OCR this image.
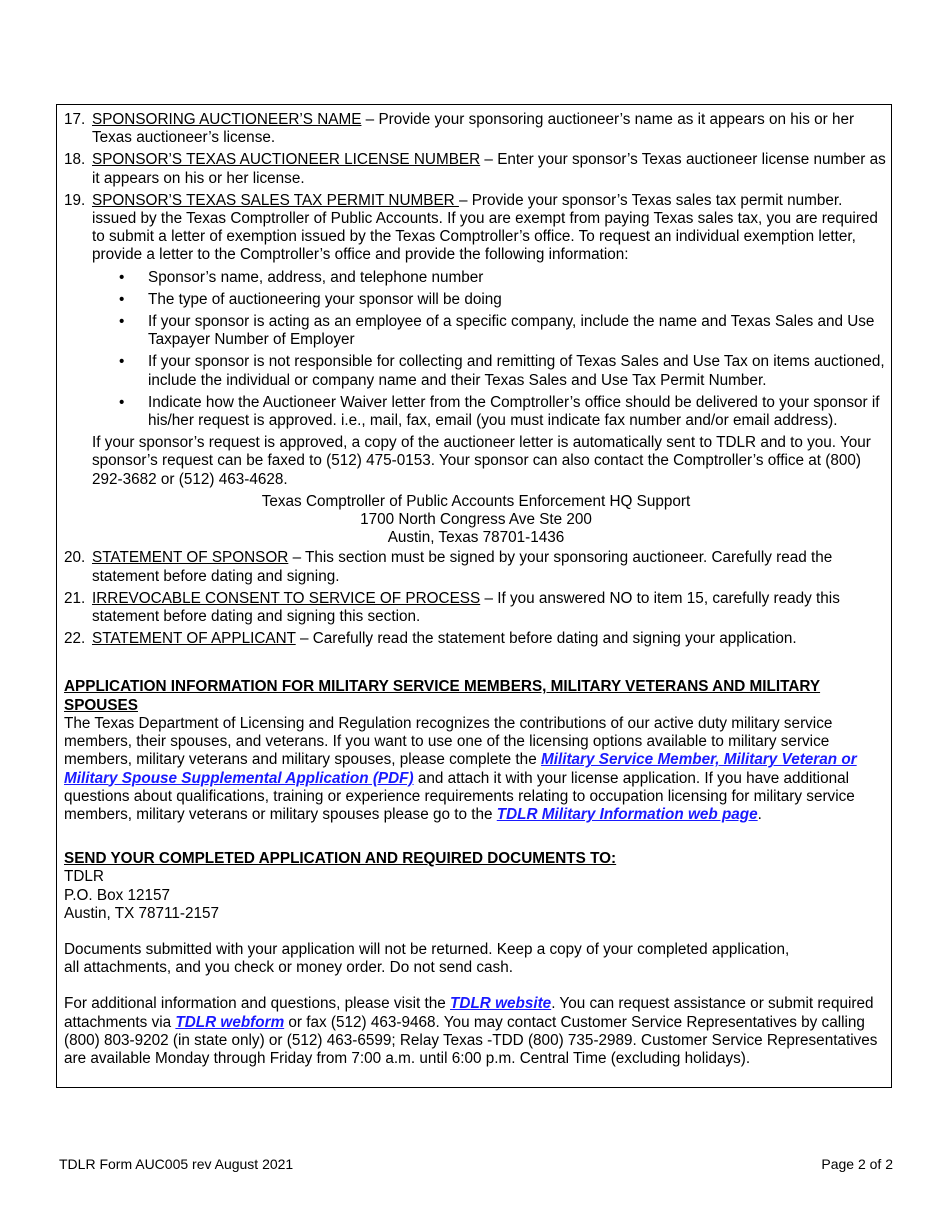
17. SPONSORING AUCTIONEER’S NAME – Provide your sponsoring auctioneer’s name as it appears on his or her Texas auctioneer’s license.
18. SPONSOR’S TEXAS AUCTIONEER LICENSE NUMBER – Enter your sponsor’s Texas auctioneer license number as it appears on his or her license.
19. SPONSOR’S TEXAS SALES TAX PERMIT NUMBER – Provide your sponsor’s Texas sales tax permit number. issued by the Texas Comptroller of Public Accounts. If you are exempt from paying Texas sales tax, you are required to submit a letter of exemption issued by the Texas Comptroller’s office. To request an individual exemption letter, provide a letter to the Comptroller’s office and provide the following information:
• Sponsor’s name, address, and telephone number
• The type of auctioneering your sponsor will be doing
• If your sponsor is acting as an employee of a specific company, include the name and Texas Sales and Use Taxpayer Number of Employer
• If your sponsor is not responsible for collecting and remitting of Texas Sales and Use Tax on items auctioned, include the individual or company name and their Texas Sales and Use Tax Permit Number.
• Indicate how the Auctioneer Waiver letter from the Comptroller’s office should be delivered to your sponsor if his/her request is approved. i.e., mail, fax, email (you must indicate fax number and/or email address).

If your sponsor’s request is approved, a copy of the auctioneer letter is automatically sent to TDLR and to you. Your sponsor’s request can be faxed to (512) 475-0153. Your sponsor can also contact the Comptroller’s office at (800) 292-3682 or (512) 463-4628.

Texas Comptroller of Public Accounts Enforcement HQ Support
1700 North Congress Ave Ste 200
Austin, Texas 78701-1436
20. STATEMENT OF SPONSOR – This section must be signed by your sponsoring auctioneer. Carefully read the statement before dating and signing.
21. IRREVOCABLE CONSENT TO SERVICE OF PROCESS – If you answered NO to item 15, carefully ready this statement before dating and signing this section.
22. STATEMENT OF APPLICANT – Carefully read the statement before dating and signing your application.

APPLICATION INFORMATION FOR MILITARY SERVICE MEMBERS, MILITARY VETERANS AND MILITARY SPOUSES

The Texas Department of Licensing and Regulation recognizes the contributions of our active duty military service members, their spouses, and veterans. If you want to use one of the licensing options available to military service members, military veterans and military spouses, please complete the Military Service Member, Military Veteran or Military Spouse Supplemental Application (PDF) and attach it with your license application. If you have additional questions about qualifications, training or experience requirements relating to occupation licensing for military service members, military veterans or military spouses please go to the TDLR Military Information web page.

SEND YOUR COMPLETED APPLICATION AND REQUIRED DOCUMENTS TO:

TDLR
P.O. Box 12157
Austin, TX 78711-2157

Documents submitted with your application will not be returned. Keep a copy of your completed application,
all attachments, and you check or money order. Do not send cash.

For additional information and questions, please visit the TDLR website. You can request assistance or submit required attachments via TDLR webform or fax (512) 463-9468. You may contact Customer Service Representatives by calling (800) 803-9202 (in state only) or (512) 463-6599; Relay Texas -TDD (800) 735-2989. Customer Service Representatives are available Monday through Friday from 7:00 a.m. until 6:00 p.m. Central Time (excluding holidays).

TDLR Form AUC005 rev August 2021	Page 2 of 2
